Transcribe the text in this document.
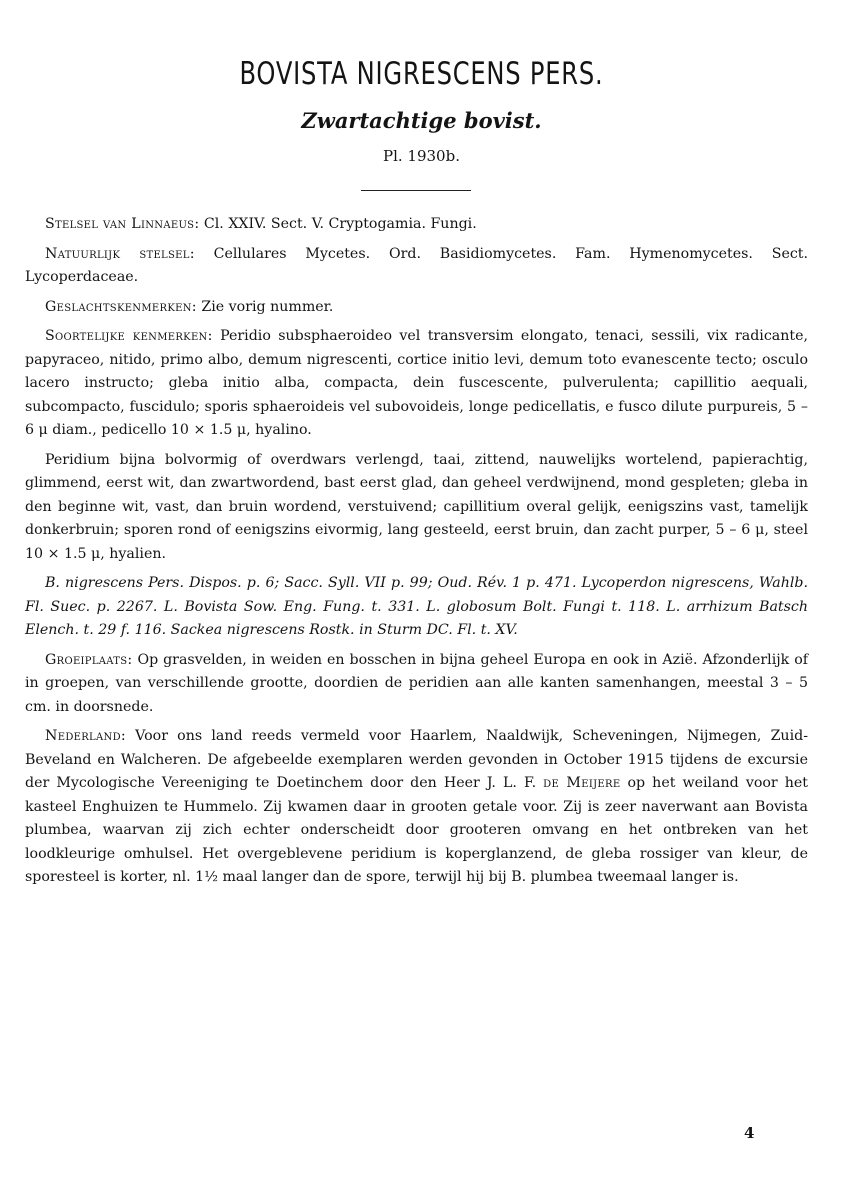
BOVISTA NIGRESCENS PERS.
Zwartachtige bovist.
Pl. 1930b.

Stelsel van Linnaeus: Cl. XXIV. Sect. V. Cryptogamia. Fungi.

Natuurlijk stelsel: Cellulares Mycetes. Ord. Basidiomycetes. Fam. Hymenomycetes. Sect. Lycoperdaceae.

Geslachtskenmerken: Zie vorig nummer.

Soortelijke kenmerken: Peridio subsphaeroideo vel transversim elongato, tenaci, sessili, vix radicante, papyraceo, nitido, primo albo, demum nigrescenti, cortice initio levi, demum toto evanescente tecto; osculo lacero instructo; gleba initio alba, compacta, dein fuscescente, pulverulenta; capillitio aequali, subcompacto, fuscidulo; sporis sphaeroideis vel subovoideis, longe pedicellatis, e fusco dilute purpureis, 5 – 6 μ diam., pedicello 10 × 1.5 μ, hyalino.

Peridium bijna bolvormig of overdwars verlengd, taai, zittend, nauwelijks wortelend, papierachtig, glimmend, eerst wit, dan zwartwordend, bast eerst glad, dan geheel verdwijnend, mond gespleten; gleba in den beginne wit, vast, dan bruin wordend, verstuivend; capillitium overal gelijk, eenigszins vast, tamelijk donkerbruin; sporen rond of eenigszins eivormig, lang gesteeld, eerst bruin, dan zacht purper, 5 – 6 μ, steel 10 × 1.5 μ, hyalien.

B. nigrescens Pers. Dispos. p. 6; Sacc. Syll. VII p. 99; Oud. Rév. 1 p. 471. Lycoperdon nigrescens, Wahlb. Fl. Suec. p. 2267. L. Bovista Sow. Eng. Fung. t. 331. L. globosum Bolt. Fungi t. 118. L. arrhizum Batsch Elench. t. 29 f. 116. Sackea nigrescens Rostk. in Sturm DC. Fl. t. XV.

Groeiplaats: Op grasvelden, in weiden en bosschen in bijna geheel Europa en ook in Azië. Afzonderlijk of in groepen, van verschillende grootte, doordien de peridien aan alle kanten samenhangen, meestal 3 – 5 cm. in doorsnede.

Nederland: Voor ons land reeds vermeld voor Haarlem, Naaldwijk, Scheveningen, Nijmegen, Zuid-Beveland en Walcheren. De afgebeelde exemplaren werden gevonden in October 1915 tijdens de excursie der Mycologische Vereeniging te Doetinchem door den Heer J. L. F. de Meijere op het weiland voor het kasteel Enghuizen te Hummelo. Zij kwamen daar in grooten getale voor. Zij is zeer naverwant aan Bovista plumbea, waarvan zij zich echter onderscheidt door grooteren omvang en het ontbreken van het loodkleurige omhulsel. Het overgeblevene peridium is koperglanzend, de gleba rossiger van kleur, de sporesteel is korter, nl. 1½ maal langer dan de spore, terwijl hij bij B. plumbea tweemaal langer is.

4
